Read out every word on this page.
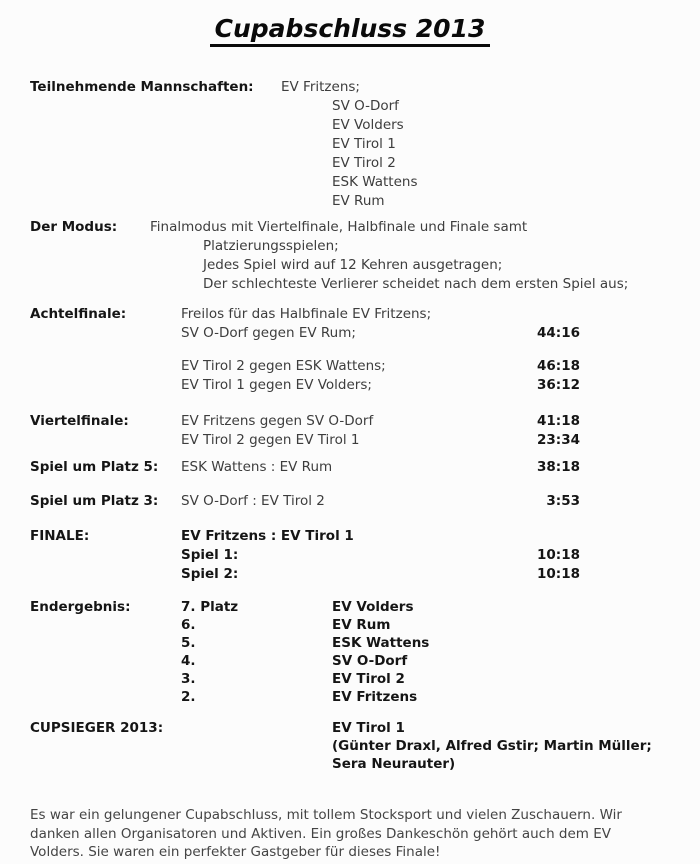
Cupabschluss 2013
Teilnehmende Mannschaften: EV Fritzens;
SV O-Dorf
EV Volders
EV Tirol 1
EV Tirol 2
ESK Wattens
EV Rum
Der Modus: Finalmodus mit Viertelfinale, Halbfinale und Finale samt
Platzierungsspielen;
Jedes Spiel wird auf 12 Kehren ausgetragen;
Der schlechteste Verlierer scheidet nach dem ersten Spiel aus;
Achtelfinale:	Freilos für das Halbfinale EV Fritzens;
SV O-Dorf gegen EV Rum;	44:16
EV Tirol 2 gegen ESK Wattens;	46:18
EV Tirol 1 gegen EV Volders;	36:12
Viertelfinale:	EV Fritzens gegen SV O-Dorf	41:18
EV Tirol 2 gegen EV Tirol 1	23:34
Spiel um Platz 5: ESK Wattens : EV Rum	38:18
Spiel um Platz 3: SV O-Dorf : EV Tirol 2	3:53
FINALE:	EV Fritzens : EV Tirol 1
Spiel 1:	10:18
Spiel 2:	10:18
Endergebnis:	7. Platz	EV Volders
6.	EV Rum
5.	ESK Wattens
4.	SV O-Dorf
3.	EV Tirol 2
2.	EV Fritzens
CUPSIEGER 2013:	EV Tirol 1
(Günter Draxl, Alfred Gstir; Martin Müller;
Sera Neurauter)
Es war ein gelungener Cupabschluss, mit tollem Stocksport und vielen Zuschauern. Wir
danken allen Organisatoren und Aktiven. Ein großes Dankeschön gehört auch dem EV
Volders. Sie waren ein perfekter Gastgeber für dieses Finale!
